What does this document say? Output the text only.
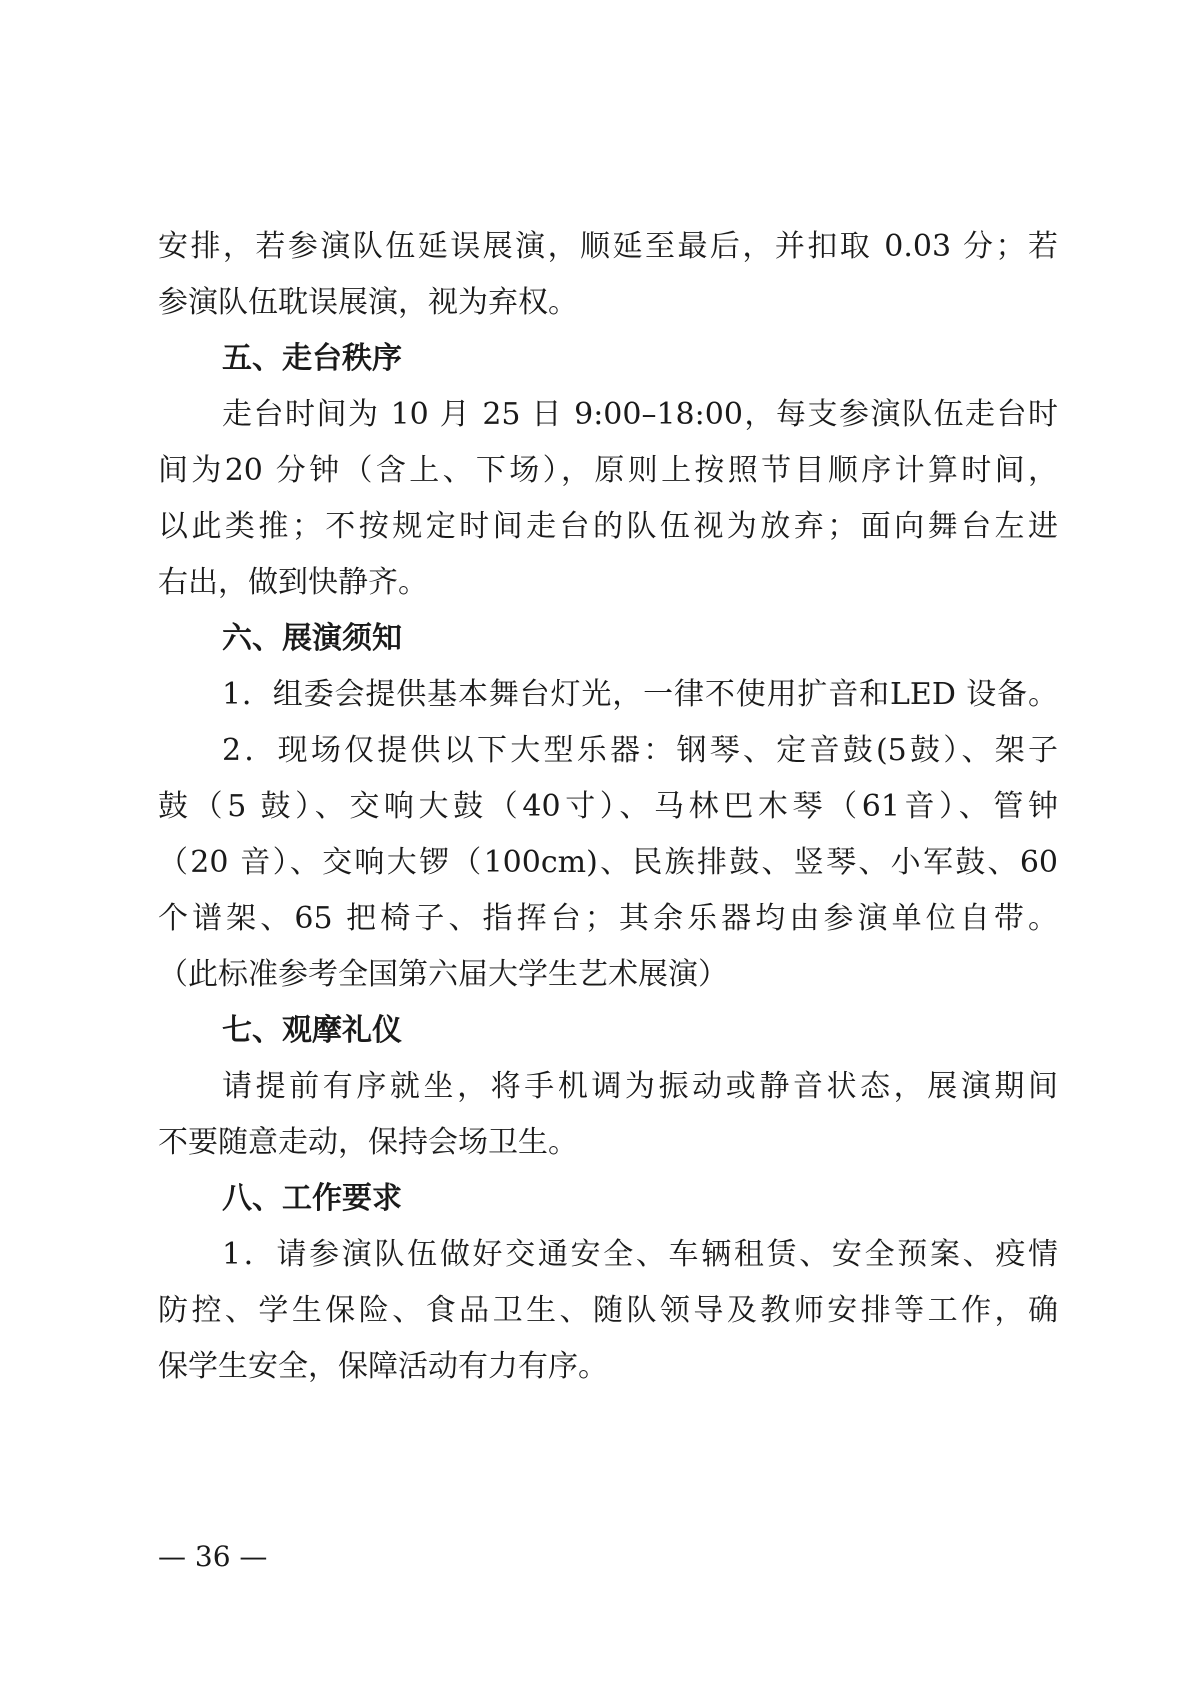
安排，若参演队伍延误展演，顺延至最后，并扣取 0.03 分；若
参演队伍耽误展演，视为弃权。
五、走台秩序
走台时间为 10 月 25 日 9:00–18:00，每支参演队伍走台时
间为20 分钟（含上、下场），原则上按照节目顺序计算时间，
以此类推；不按规定时间走台的队伍视为放弃；面向舞台左进
右出，做到快静齐。
六、展演须知
1．组委会提供基本舞台灯光，一律不使用扩音和LED 设备。
2．现场仅提供以下大型乐器：钢琴、定音鼓(5鼓）、架子
鼓（5 鼓）、交响大鼓（40寸）、马林巴木琴（61音）、管钟
（20 音）、交响大锣（100cm)、民族排鼓、竖琴、小军鼓、60
个谱架、65 把椅子、指挥台；其余乐器均由参演单位自带。
（此标准参考全国第六届大学生艺术展演）
七、观摩礼仪
请提前有序就坐，将手机调为振动或静音状态，展演期间
不要随意走动，保持会场卫生。
八、工作要求
1．请参演队伍做好交通安全、车辆租赁、安全预案、疫情
防控、学生保险、食品卫生、随队领导及教师安排等工作，确
保学生安全，保障活动有力有序。
— 36 —
